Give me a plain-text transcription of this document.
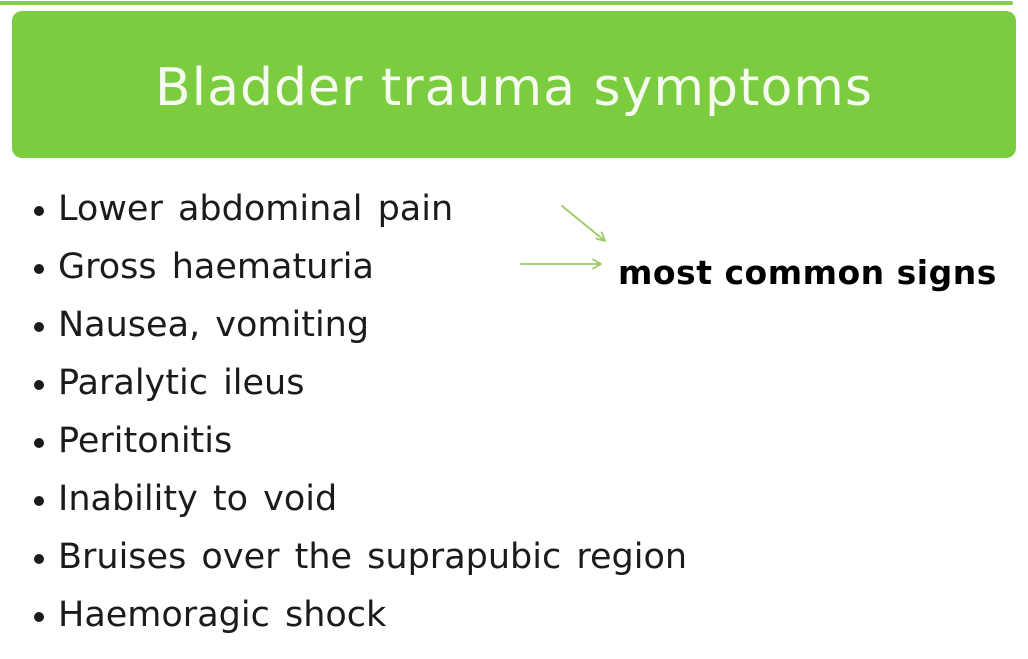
Bladder trauma symptoms
Lower abdominal pain
Gross haematuria
Nausea, vomiting
Paralytic ileus
Peritonitis
Inability to void
Bruises over the suprapubic region
Haemoragic shock
most common signs
